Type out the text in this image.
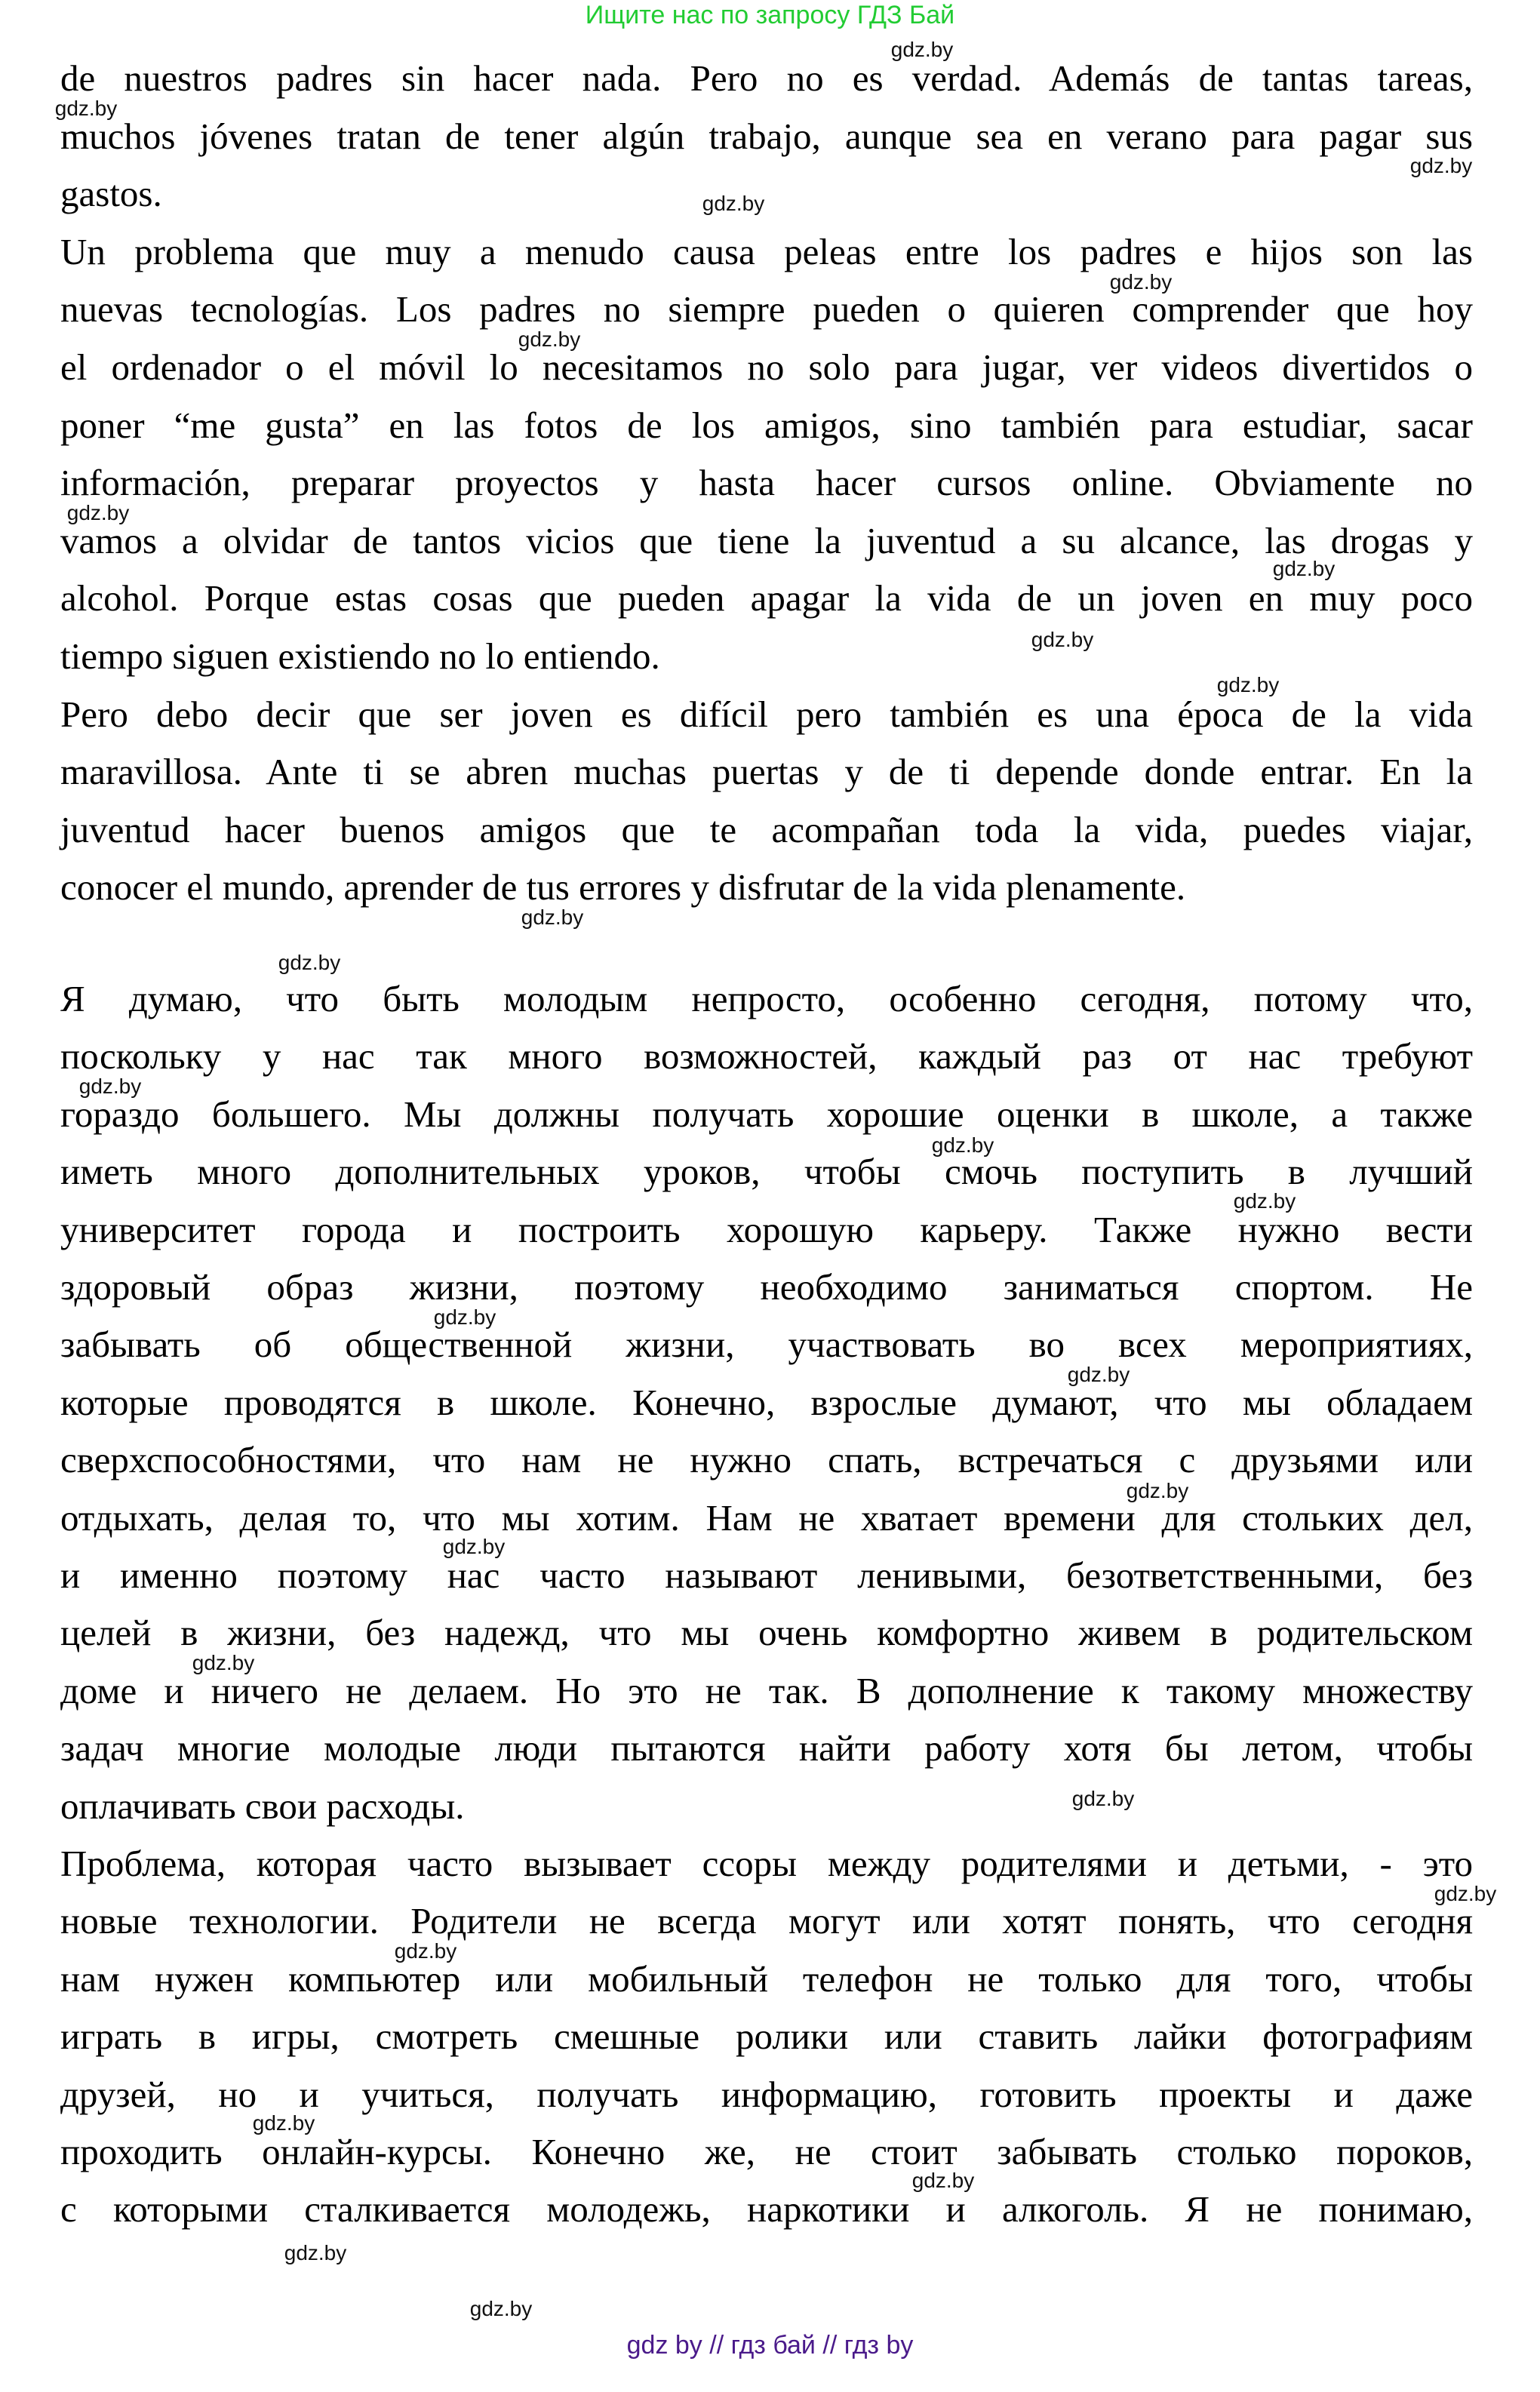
Ищите нас по запросу ГДЗ Бай
de nuestros padres sin hacer nada. Pero no es verdad. Además de tantas tareas,
muchos jóvenes tratan de tener algún trabajo, aunque sea en verano para pagar sus
gastos.
Un problema que muy a menudo causa peleas entre los padres e hijos son las
nuevas tecnologías. Los padres no siempre pueden o quieren comprender que hoy
el ordenador o el móvil lo necesitamos no solo para jugar, ver videos divertidos o
poner “me gusta” en las fotos de los amigos, sino también para estudiar, sacar
información, preparar proyectos y hasta hacer cursos online. Obviamente no
vamos a olvidar de tantos vicios que tiene la juventud a su alcance, las drogas y
alcohol. Porque estas cosas que pueden apagar la vida de un joven en muy poco
tiempo siguen existiendo no lo entiendo.
Pero debo decir que ser joven es difícil pero también es una época de la vida
maravillosa. Ante ti se abren muchas puertas y de ti depende donde entrar. En la
juventud hacer buenos amigos que te acompañan toda la vida, puedes viajar,
conocer el mundo, aprender de tus errores y disfrutar de la vida plenamente.
Я думаю, что быть молодым непросто, особенно сегодня, потому что,
поскольку у нас так много возможностей, каждый раз от нас требуют
гораздо большего. Мы должны получать хорошие оценки в школе, а также
иметь много дополнительных уроков, чтобы смочь поступить в лучший
университет города и построить хорошую карьеру. Также нужно вести
здоровый образ жизни, поэтому необходимо заниматься спортом. Не
забывать об общественной жизни, участвовать во всех мероприятиях,
которые проводятся в школе. Конечно, взрослые думают, что мы обладаем
сверхспособностями, что нам не нужно спать, встречаться с друзьями или
отдыхать, делая то, что мы хотим. Нам не хватает времени для стольких дел,
и именно поэтому нас часто называют ленивыми, безответственными, без
целей в жизни, без надежд, что мы очень комфортно живем в родительском
доме и ничего не делаем. Но это не так. В дополнение к такому множеству
задач многие молодые люди пытаются найти работу хотя бы летом, чтобы
оплачивать свои расходы.
Проблема, которая часто вызывает ссоры между родителями и детьми, - это
новые технологии. Родители не всегда могут или хотят понять, что сегодня
нам нужен компьютер или мобильный телефон не только для того, чтобы
играть в игры, смотреть смешные ролики или ставить лайки фотографиям
друзей, но и учиться, получать информацию, готовить проекты и даже
проходить онлайн-курсы. Конечно же, не стоит забывать столько пороков,
с которыми сталкивается молодежь, наркотики и алкоголь. Я не понимаю,
gdz.by
gdz.by
gdz.by
gdz.by
gdz.by
gdz.by
gdz.by
gdz.by
gdz.by
gdz.by
gdz.by
gdz.by
gdz.by
gdz.by
gdz.by
gdz.by
gdz.by
gdz.by
gdz.by
gdz.by
gdz.by
gdz.by
gdz.by
gdz.by
gdz.by
gdz.by
gdz.by
gdz by // гдз бай // гдз by
